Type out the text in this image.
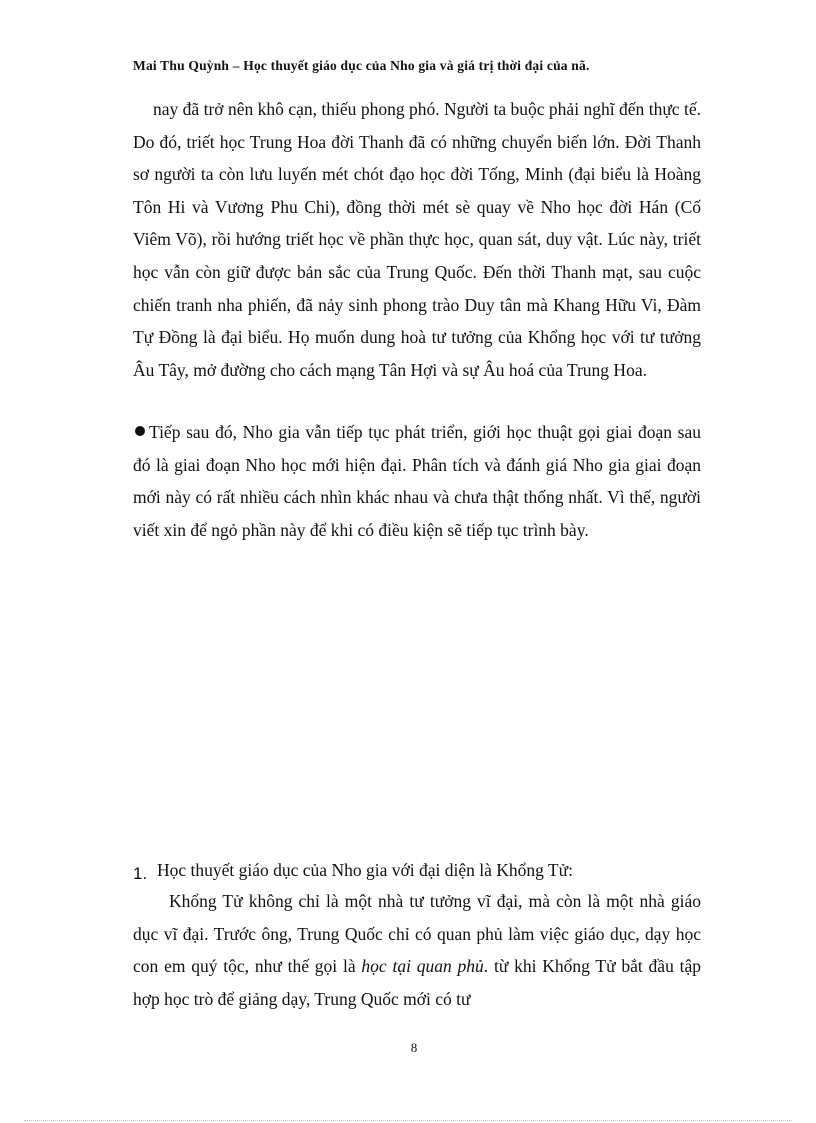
Mai Thu Quỳnh – Học thuyết giáo dục của Nho gia và giá trị thời đại của nã.
nay đã trở nên khô cạn, thiếu phong phó. Người ta buộc phải nghĩ đến thực tế. Do đó, triết học Trung Hoa đời Thanh đã có những chuyển biến lớn. Đời Thanh sơ người ta còn lưu luyến mét chót đạo học đời Tống, Minh (đại biểu là Hoàng Tôn Hi và Vương Phu Chi), đồng thời mét sè quay về Nho học đời Hán (Cố Viêm Võ), rồi hướng triết học về phần thực học, quan sát, duy vật. Lúc này, triết học vẫn còn giữ được bản sắc của Trung Quốc. Đến thời Thanh mạt, sau cuộc chiến tranh nha phiến, đã nảy sinh phong trào Duy tân mà Khang Hữu Vi, Đàm Tự Đồng là đại biểu. Họ muốn dung hoà tư tưởng của Khổng học với tư tưởng Âu Tây, mở đường cho cách mạng Tân Hợi và sự Âu hoá của Trung Hoa.
Tiếp sau đó, Nho gia vẫn tiếp tục phát triển, giới học thuật gọi giai đoạn sau đó là giai đoạn Nho học mới hiện đại. Phân tích và đánh giá Nho gia giai đoạn mới này có rất nhiều cách nhìn khác nhau và chưa thật thống nhất. Vì thế, người viết xin để ngỏ phần này để khi có điều kiện sẽ tiếp tục trình bày.
1. Học thuyết giáo dục của Nho gia với đại diện là Khổng Tử:
Khổng Tử không chỉ là một nhà tư tưởng vĩ đại, mà còn là một nhà giáo dục vĩ đại. Trước ông, Trung Quốc chỉ có quan phủ làm việc giáo dục, dạy học con em quý tộc, như thế gọi là học tại quan phủ. từ khi Khổng Tử bắt đầu tập hợp học trò để giảng dạy, Trung Quốc mới có tư
8
